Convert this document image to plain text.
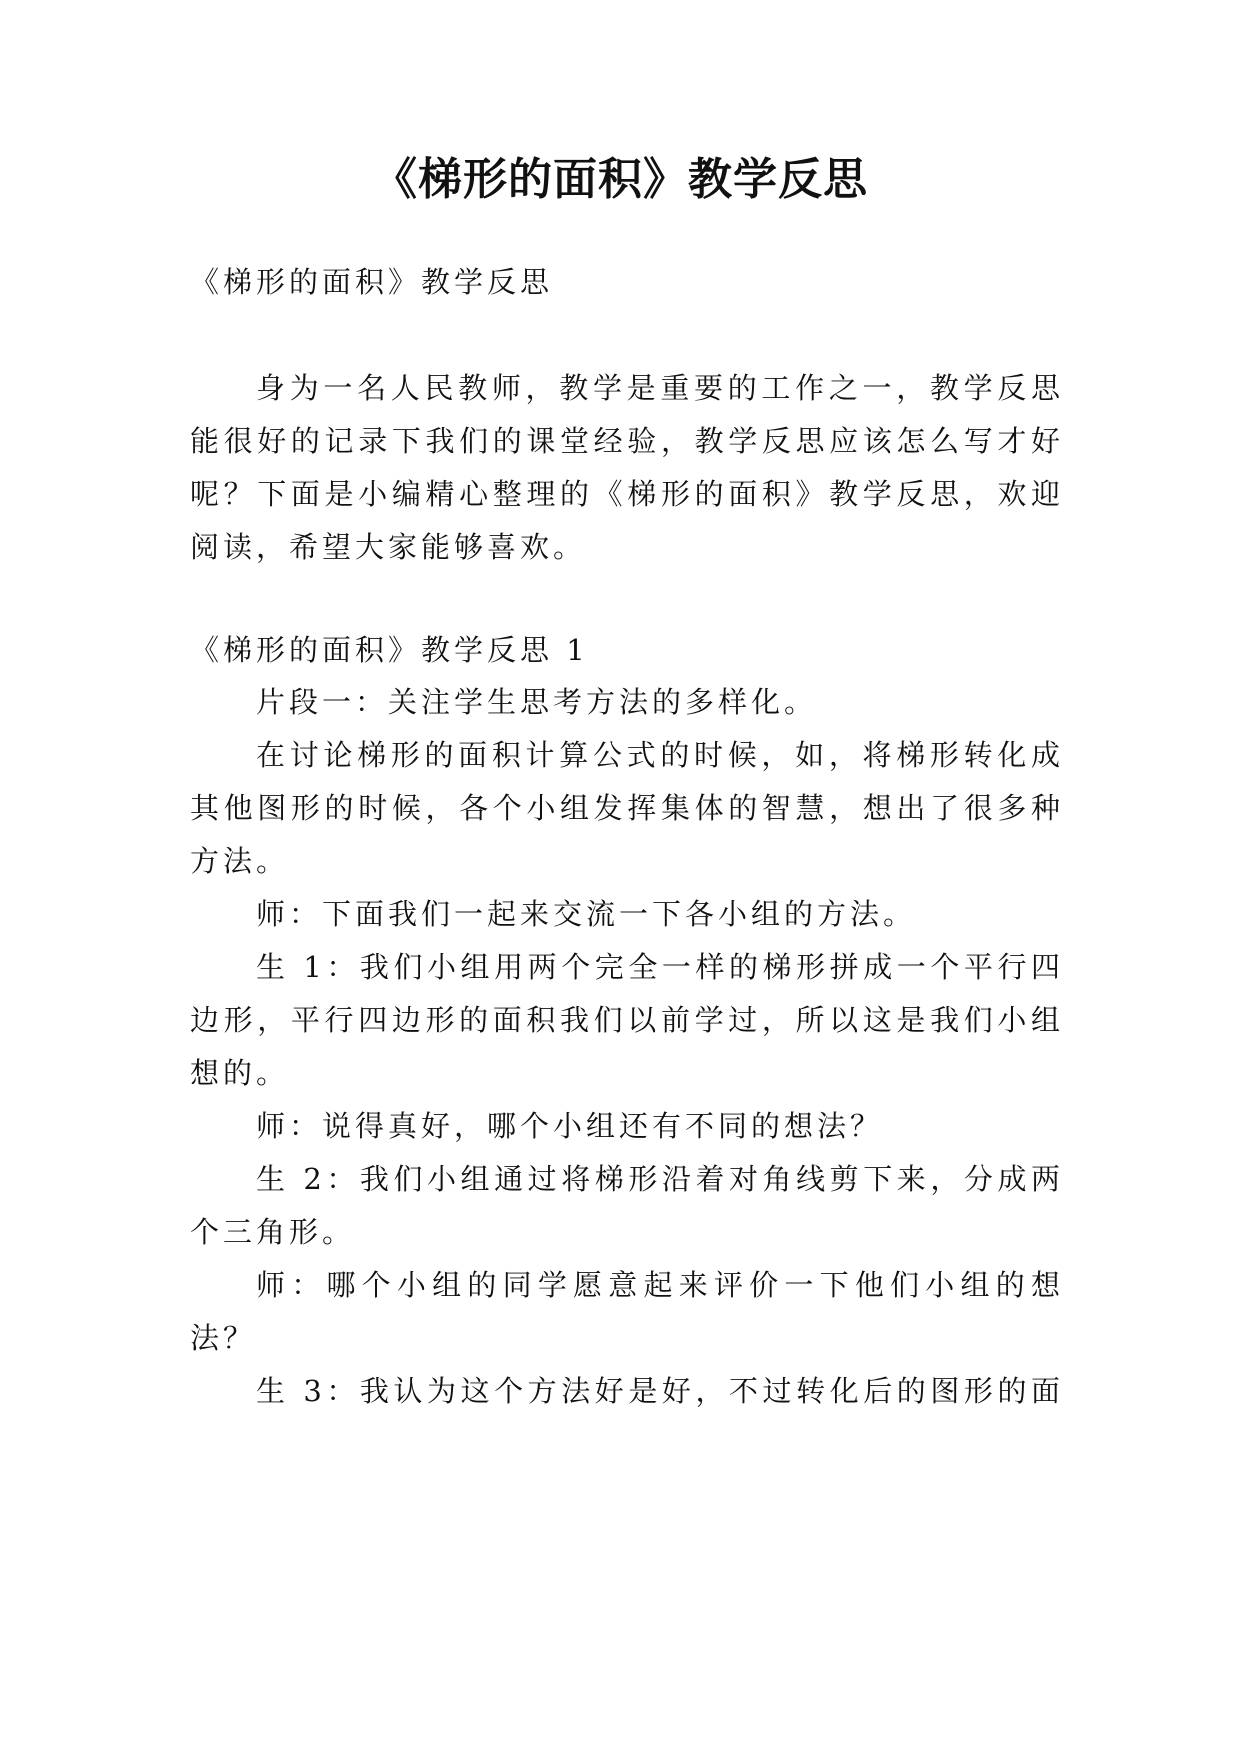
《梯形的面积》教学反思
《梯形的面积》教学反思
身为一名人民教师，教学是重要的工作之一，教学反思
能很好的记录下我们的课堂经验，教学反思应该怎么写才好
呢？下面是小编精心整理的《梯形的面积》教学反思，欢迎
阅读，希望大家能够喜欢。
《梯形的面积》教学反思 1
片段一：关注学生思考方法的多样化。
在讨论梯形的面积计算公式的时候，如，将梯形转化成
其他图形的时候，各个小组发挥集体的智慧，想出了很多种
方法。
师：下面我们一起来交流一下各小组的方法。
生 1：我们小组用两个完全一样的梯形拼成一个平行四
边形，平行四边形的面积我们以前学过，所以这是我们小组
想的。
师：说得真好，哪个小组还有不同的想法？
生 2：我们小组通过将梯形沿着对角线剪下来，分成两
个三角形。
师：哪个小组的同学愿意起来评价一下他们小组的想
法？
生 3：我认为这个方法好是好，不过转化后的图形的面
